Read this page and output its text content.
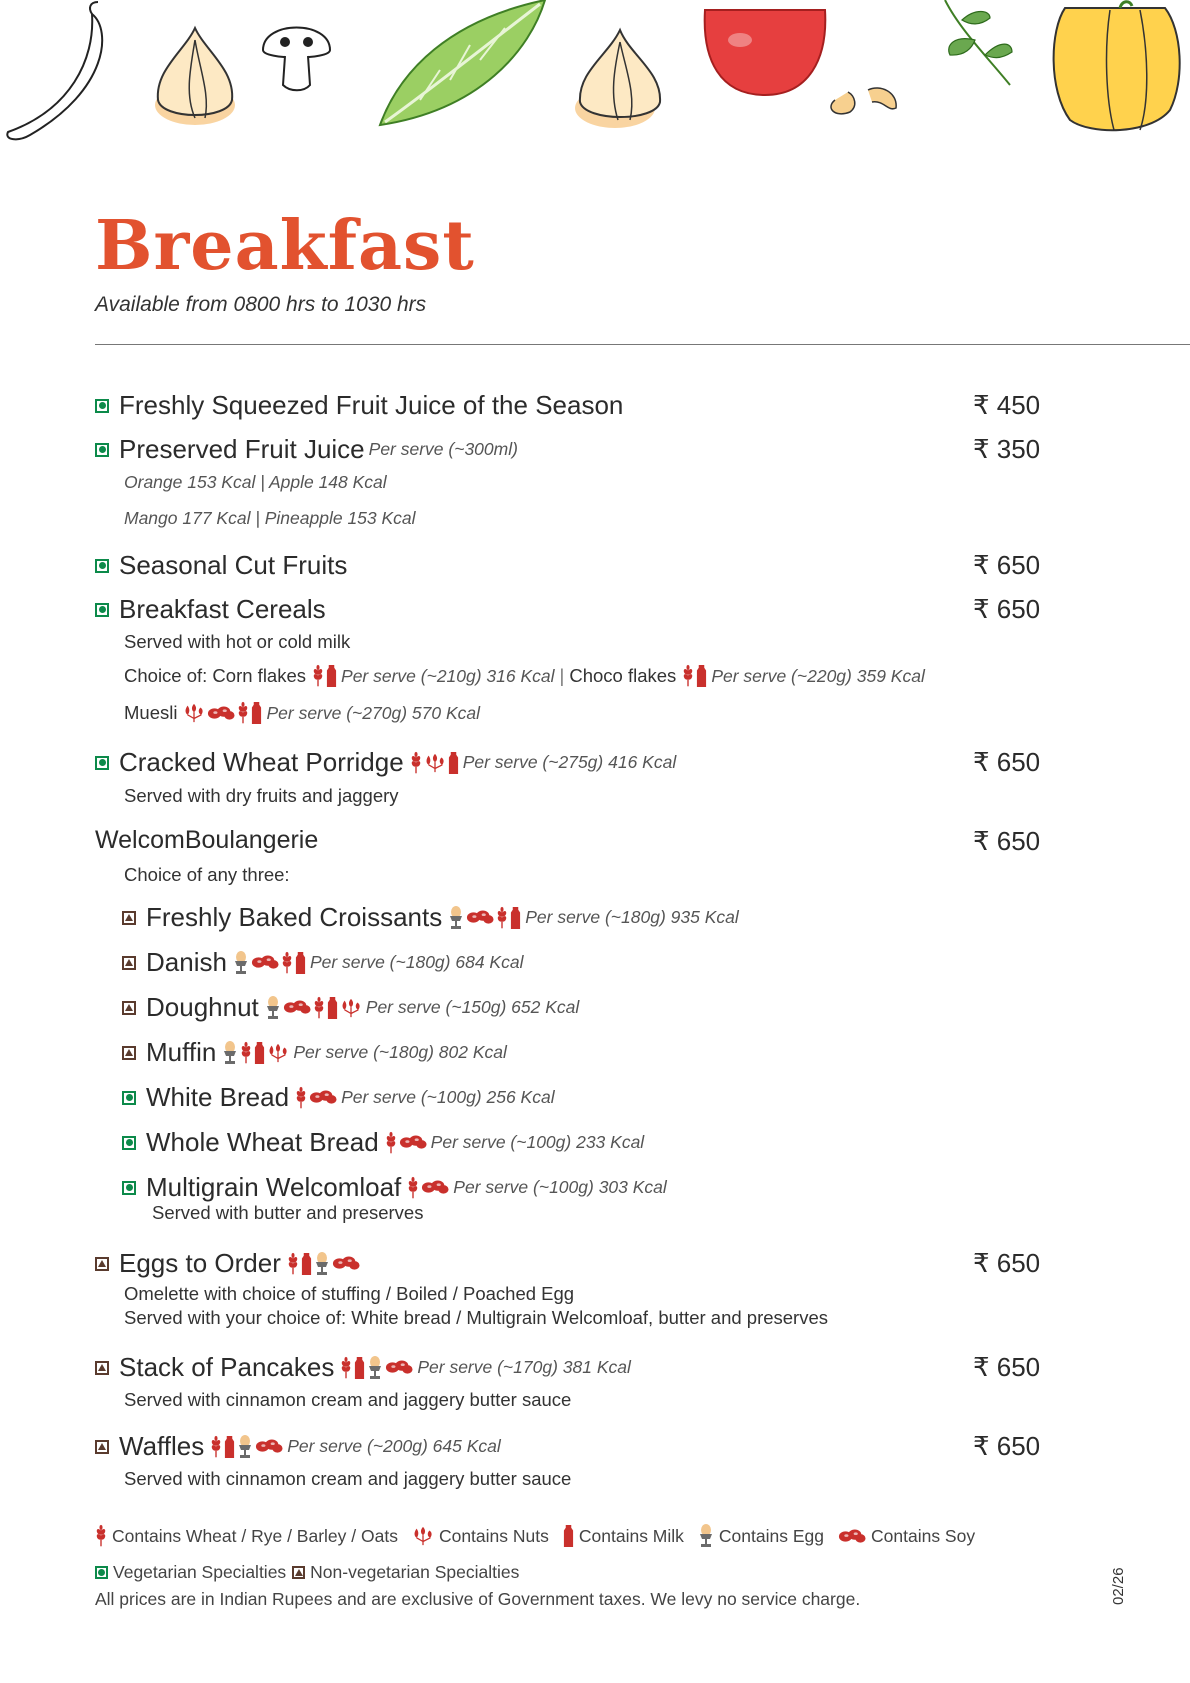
Breakfast
Available from 0800 hrs to 1030 hrs
Freshly Squeezed Fruit Juice of the Season	₹ 450
Preserved Fruit Juice Per serve (~300ml)	₹ 350
Orange 153 Kcal | Apple 148 Kcal
Mango 177 Kcal | Pineapple 153 Kcal
Seasonal Cut Fruits	₹ 650
Breakfast Cereals	₹ 650
Served with hot or cold milk
Choice of: Corn flakes Per serve (~210g) 316 Kcal | Choco flakes Per serve (~220g) 359 Kcal
Muesli	Per serve (~270g) 570 Kcal
Cracked Wheat Porridge	Per serve (~275g) 416 Kcal	₹ 650
Served with dry fruits and jaggery
WelcomBoulangerie	₹ 650
Choice of any three:
Freshly Baked Croissants	Per serve (~180g) 935 Kcal
Danish	Per serve (~180g) 684 Kcal
Doughnut	Per serve (~150g) 652 Kcal
Muffin	Per serve (~180g) 802 Kcal
White Bread	Per serve (~100g) 256 Kcal
Whole Wheat Bread	Per serve (~100g) 233 Kcal
Multigrain Welcomloaf	Per serve (~100g) 303 Kcal
Served with butter and preserves
Eggs to Order	₹ 650
Omelette with choice of stuffing / Boiled / Poached Egg
Served with your choice of: White bread / Multigrain Welcomloaf, butter and preserves
Stack of Pancakes	Per serve (~170g) 381 Kcal	₹ 650
Served with cinnamon cream and jaggery butter sauce
Waffles	Per serve (~200g) 645 Kcal	₹ 650
Served with cinnamon cream and jaggery butter sauce
Contains Wheat / Rye / Barley / Oats Contains Nuts Contains Milk Contains Egg	Contains Soy
Vegetarian Specialties Non-vegetarian Specialties
All prices are in Indian Rupees and are exclusive of Government taxes. We levy no service charge.	02/26
